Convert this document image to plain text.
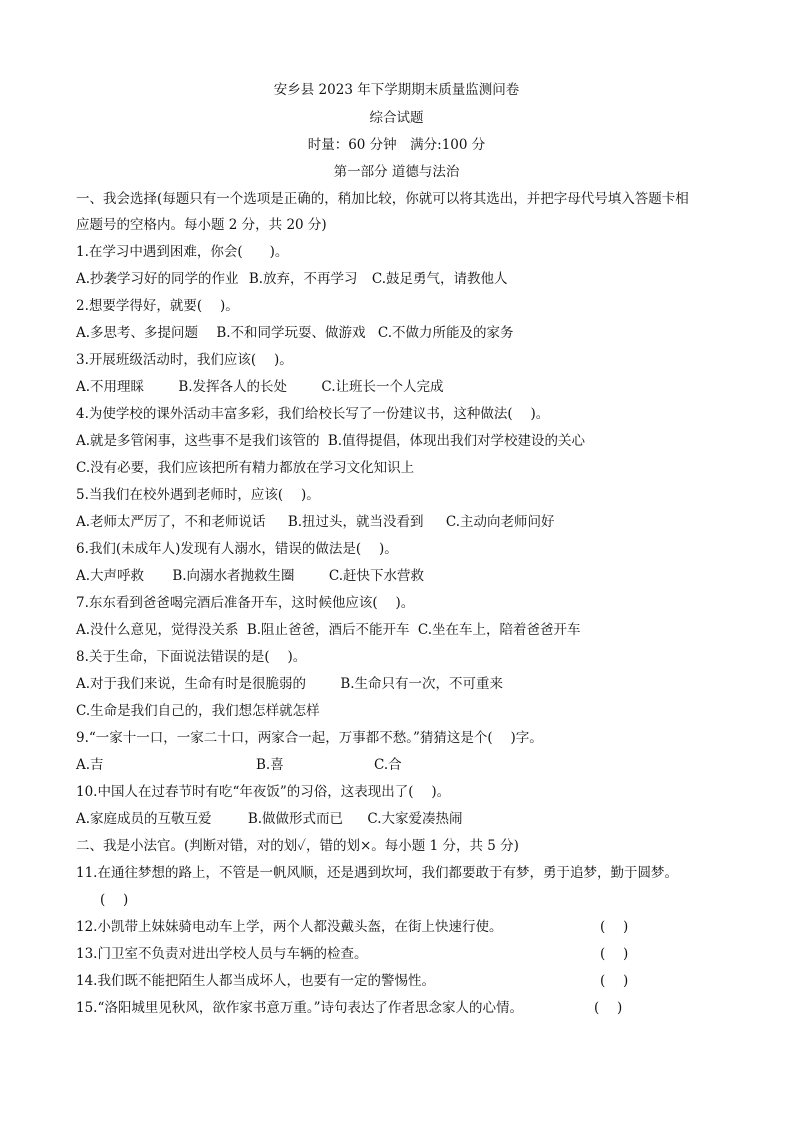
安乡县 2023 年下学期期末质量监测问卷
综合试题
时量：60 分钟　满分:100 分
第一部分 道德与法治
一、我会选择(每题只有一个选项是正确的，稍加比较，你就可以将其选出，并把字母代号填入答题卡相
应题号的空格内。每小题 2 分，共 20 分)
1.在学习中遇到困难，你会(　　)。
A.抄袭学习好的同学的作业 B.放弃，不再学习 C.鼓足勇气，请教他人
2.想要学得好，就要(　 )。
A.多思考、多提问题 B.不和同学玩耍、做游戏 C.不做力所能及的家务
3.开展班级活动时，我们应该(　 )。
A.不用理睬	B.发挥各人的长处	C.让班长一个人完成
4.为使学校的课外活动丰富多彩，我们给校长写了一份建议书，这种做法(　 )。
A.就是多管闲事，这些事不是我们该管的 B.值得提倡，体现出我们对学校建设的关心
C.没有必要，我们应该把所有精力都放在学习文化知识上
5.当我们在校外遇到老师时，应该(　 )。
A.老师太严厉了，不和老师说话 B.扭过头，就当没看到 C.主动向老师问好
6.我们(未成年人)发现有人溺水，错误的做法是(　 )。
A.大声呼救 B.向溺水者抛救生圈	C.赶快下水营救
7.东东看到爸爸喝完酒后准备开车，这时候他应该(　 )。
A.没什么意见，觉得没关系 B.阻止爸爸，酒后不能开车 C.坐在车上，陪着爸爸开车
8.关于生命，下面说法错误的是(　 )。
A.对于我们来说，生命有时是很脆弱的	B.生命只有一次，不可重来
C.生命是我们自己的，我们想怎样就怎样
9.“一家十一口，一家二十口，两家合一起，万事都不愁。”猜猜这是个(　 )字。
A.吉	B.喜	C.合
10.中国人在过春节时有吃“年夜饭”的习俗，这表现出了(　 )。
A.家庭成员的互敬互爱	B.做做形式而已 C.大家爱凑热闹
二、我是小法官。(判断对错，对的划✓，错的划×。每小题 1 分，共 5 分)
11.在通往梦想的路上，不管是一帆风顺，还是遇到坎坷，我们都要敢于有梦，勇于追梦，勤于圆梦。
(　 )
12.小凯带上妹妹骑电动车上学，两个人都没戴头盔，在街上快速行使。	(　 )
13.门卫室不负责对进出学校人员与车辆的检查。	(　 )
14.我们既不能把陌生人都当成坏人，也要有一定的警惕性。	(　 )
15.“洛阳城里见秋风，欲作家书意万重。”诗句表达了作者思念家人的心情。	(　 )
